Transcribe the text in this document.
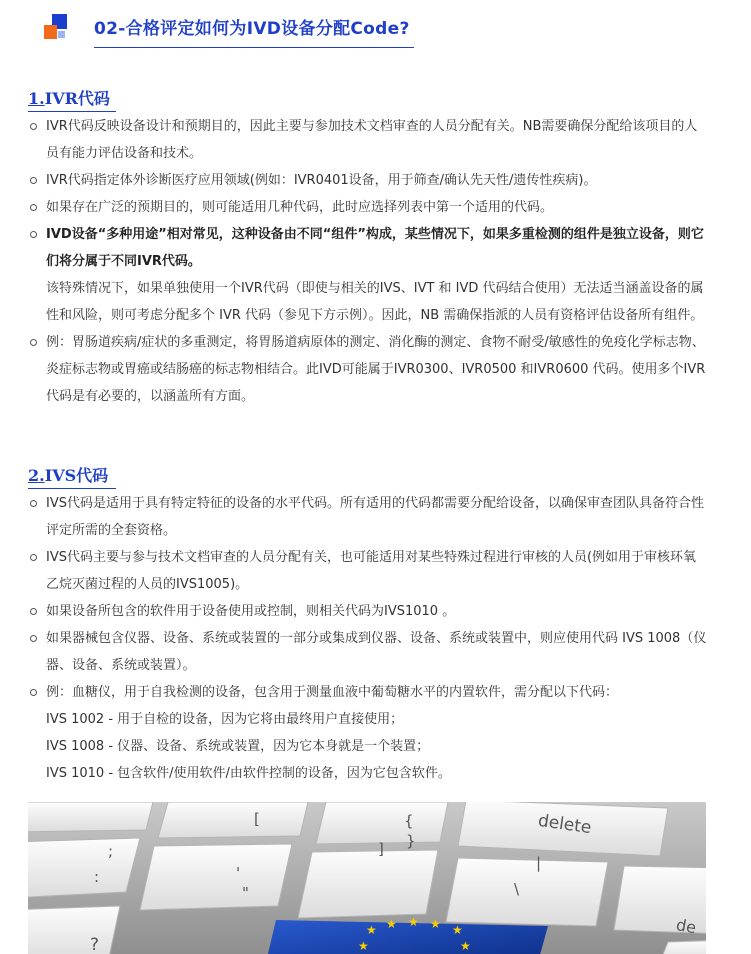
02-合格评定如何为IVD设备分配Code?
1.IVR代码
IVR代码反映设备设计和预期目的，因此主要与参加技术文档审查的人员分配有关。NB需要确保分配给该项目的人员有能力评估设备和技术。
IVR代码指定体外诊断医疗应用领域(例如：IVR0401设备，用于筛查/确认先天性/遗传性疾病)。
如果存在广泛的预期目的，则可能适用几种代码，此时应选择列表中第一个适用的代码。
IVD设备“多种用途”相对常见，这种设备由不同“组件”构成，某些情况下，如果多重检测的组件是独立设备，则它们将分属于不同IVR代码。
该特殊情况下，如果单独使用一个IVR代码（即使与相关的IVS、IVT 和 IVD 代码结合使用）无法适当涵盖设备的属性和风险，则可考虑分配多个 IVR 代码（参见下方示例）。因此，NB 需确保指派的人员有资格评估设备所有组件。
例：胃肠道疾病/症状的多重测定，将胃肠道病原体的测定、消化酶的测定、食物不耐受/敏感性的免疫化学标志物、炎症标志物或胃癌或结肠癌的标志物相结合。此IVD可能属于IVR0300、IVR0500 和IVR0600 代码。使用多个IVR代码是有必要的，以涵盖所有方面。
2.IVS代码
IVS代码是适用于具有特定特征的设备的水平代码。所有适用的代码都需要分配给设备，以确保审查团队具备符合性评定所需的全套资格。
IVS代码主要与参与技术文档审查的人员分配有关，也可能适用对某些特殊过程进行审核的人员(例如用于审核环氧乙烷灭菌过程的人员的IVS1005)。
如果设备所包含的软件用于设备使用或控制，则相关代码为IVS1010 。
如果器械包含仪器、设备、系统或装置的一部分或集成到仪器、设备、系统或装置中，则应使用代码 IVS 1008（仪器、设备、系统或装置）。
例：血糖仪，用于自我检测的设备，包含用于测量血液中葡萄糖水平的内置软件，需分配以下代码：
IVS 1002 - 用于自检的设备，因为它将由最终用户直接使用；
IVS 1008 - 仪器、设备、系统或装置，因为它本身就是一个装置；
IVS 1010 - 包含软件/使用软件/由软件控制的设备，因为它包含软件。
delete
de
[
]
{
}
;
:	'
"
?
|
\
★ ★ ★ ★ ★
★	★
